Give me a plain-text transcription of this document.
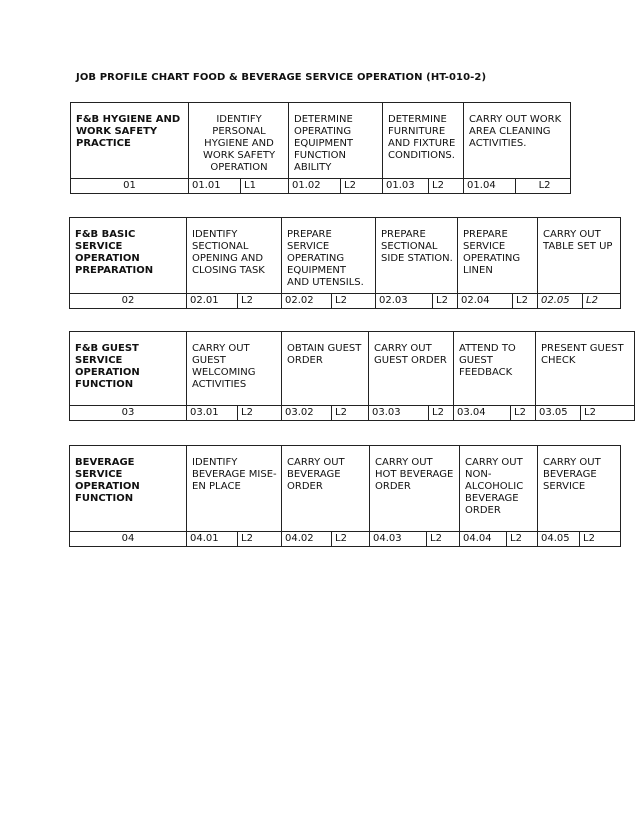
JOB PROFILE CHART FOOD & BEVERAGE SERVICE OPERATION (HT-010-2)
F&B HYGIENE AND WORK SAFETY PRACTICE	IDENTIFY PERSONAL HYGIENE AND WORK SAFETY OPERATION		DETERMINE OPERATING EQUIPMENT FUNCTION ABILITY		DETERMINE FURNITURE AND FIXTURE CONDITIONS.		CARRY OUT WORK AREA CLEANING ACTIVITIES.	
01	01.01	L1	01.02	L2	01.03	L2	01.04	L2
F&B BASIC SERVICE OPERATION PREPARATION	IDENTIFY SECTIONAL OPENING AND CLOSING TASK		PREPARE SERVICE OPERATING EQUIPMENT AND UTENSILS.		PREPARE SECTIONAL SIDE STATION.		PREPARE SERVICE OPERATING LINEN		CARRY OUT TABLE SET UP	
02	02.01	L2	02.02	L2	02.03	L2	02.04	L2	02.05	L2
F&B GUEST SERVICE OPERATION FUNCTION	CARRY OUT GUEST WELCOMING ACTIVITIES		OBTAIN GUEST ORDER		CARRY OUT GUEST ORDER		ATTEND TO GUEST FEEDBACK		PRESENT GUEST CHECK	
03	03.01	L2	03.02	L2	03.03	L2	03.04	L2	03.05	L2
BEVERAGE SERVICE OPERATION FUNCTION	IDENTIFY BEVERAGE MISE-EN PLACE		CARRY OUT BEVERAGE ORDER		CARRY OUT HOT BEVERAGE ORDER		CARRY OUT NON-ALCOHOLIC BEVERAGE ORDER		CARRY OUT BEVERAGE SERVICE	
04	04.01	L2	04.02	L2	04.03	L2	04.04	L2	04.05	L2
